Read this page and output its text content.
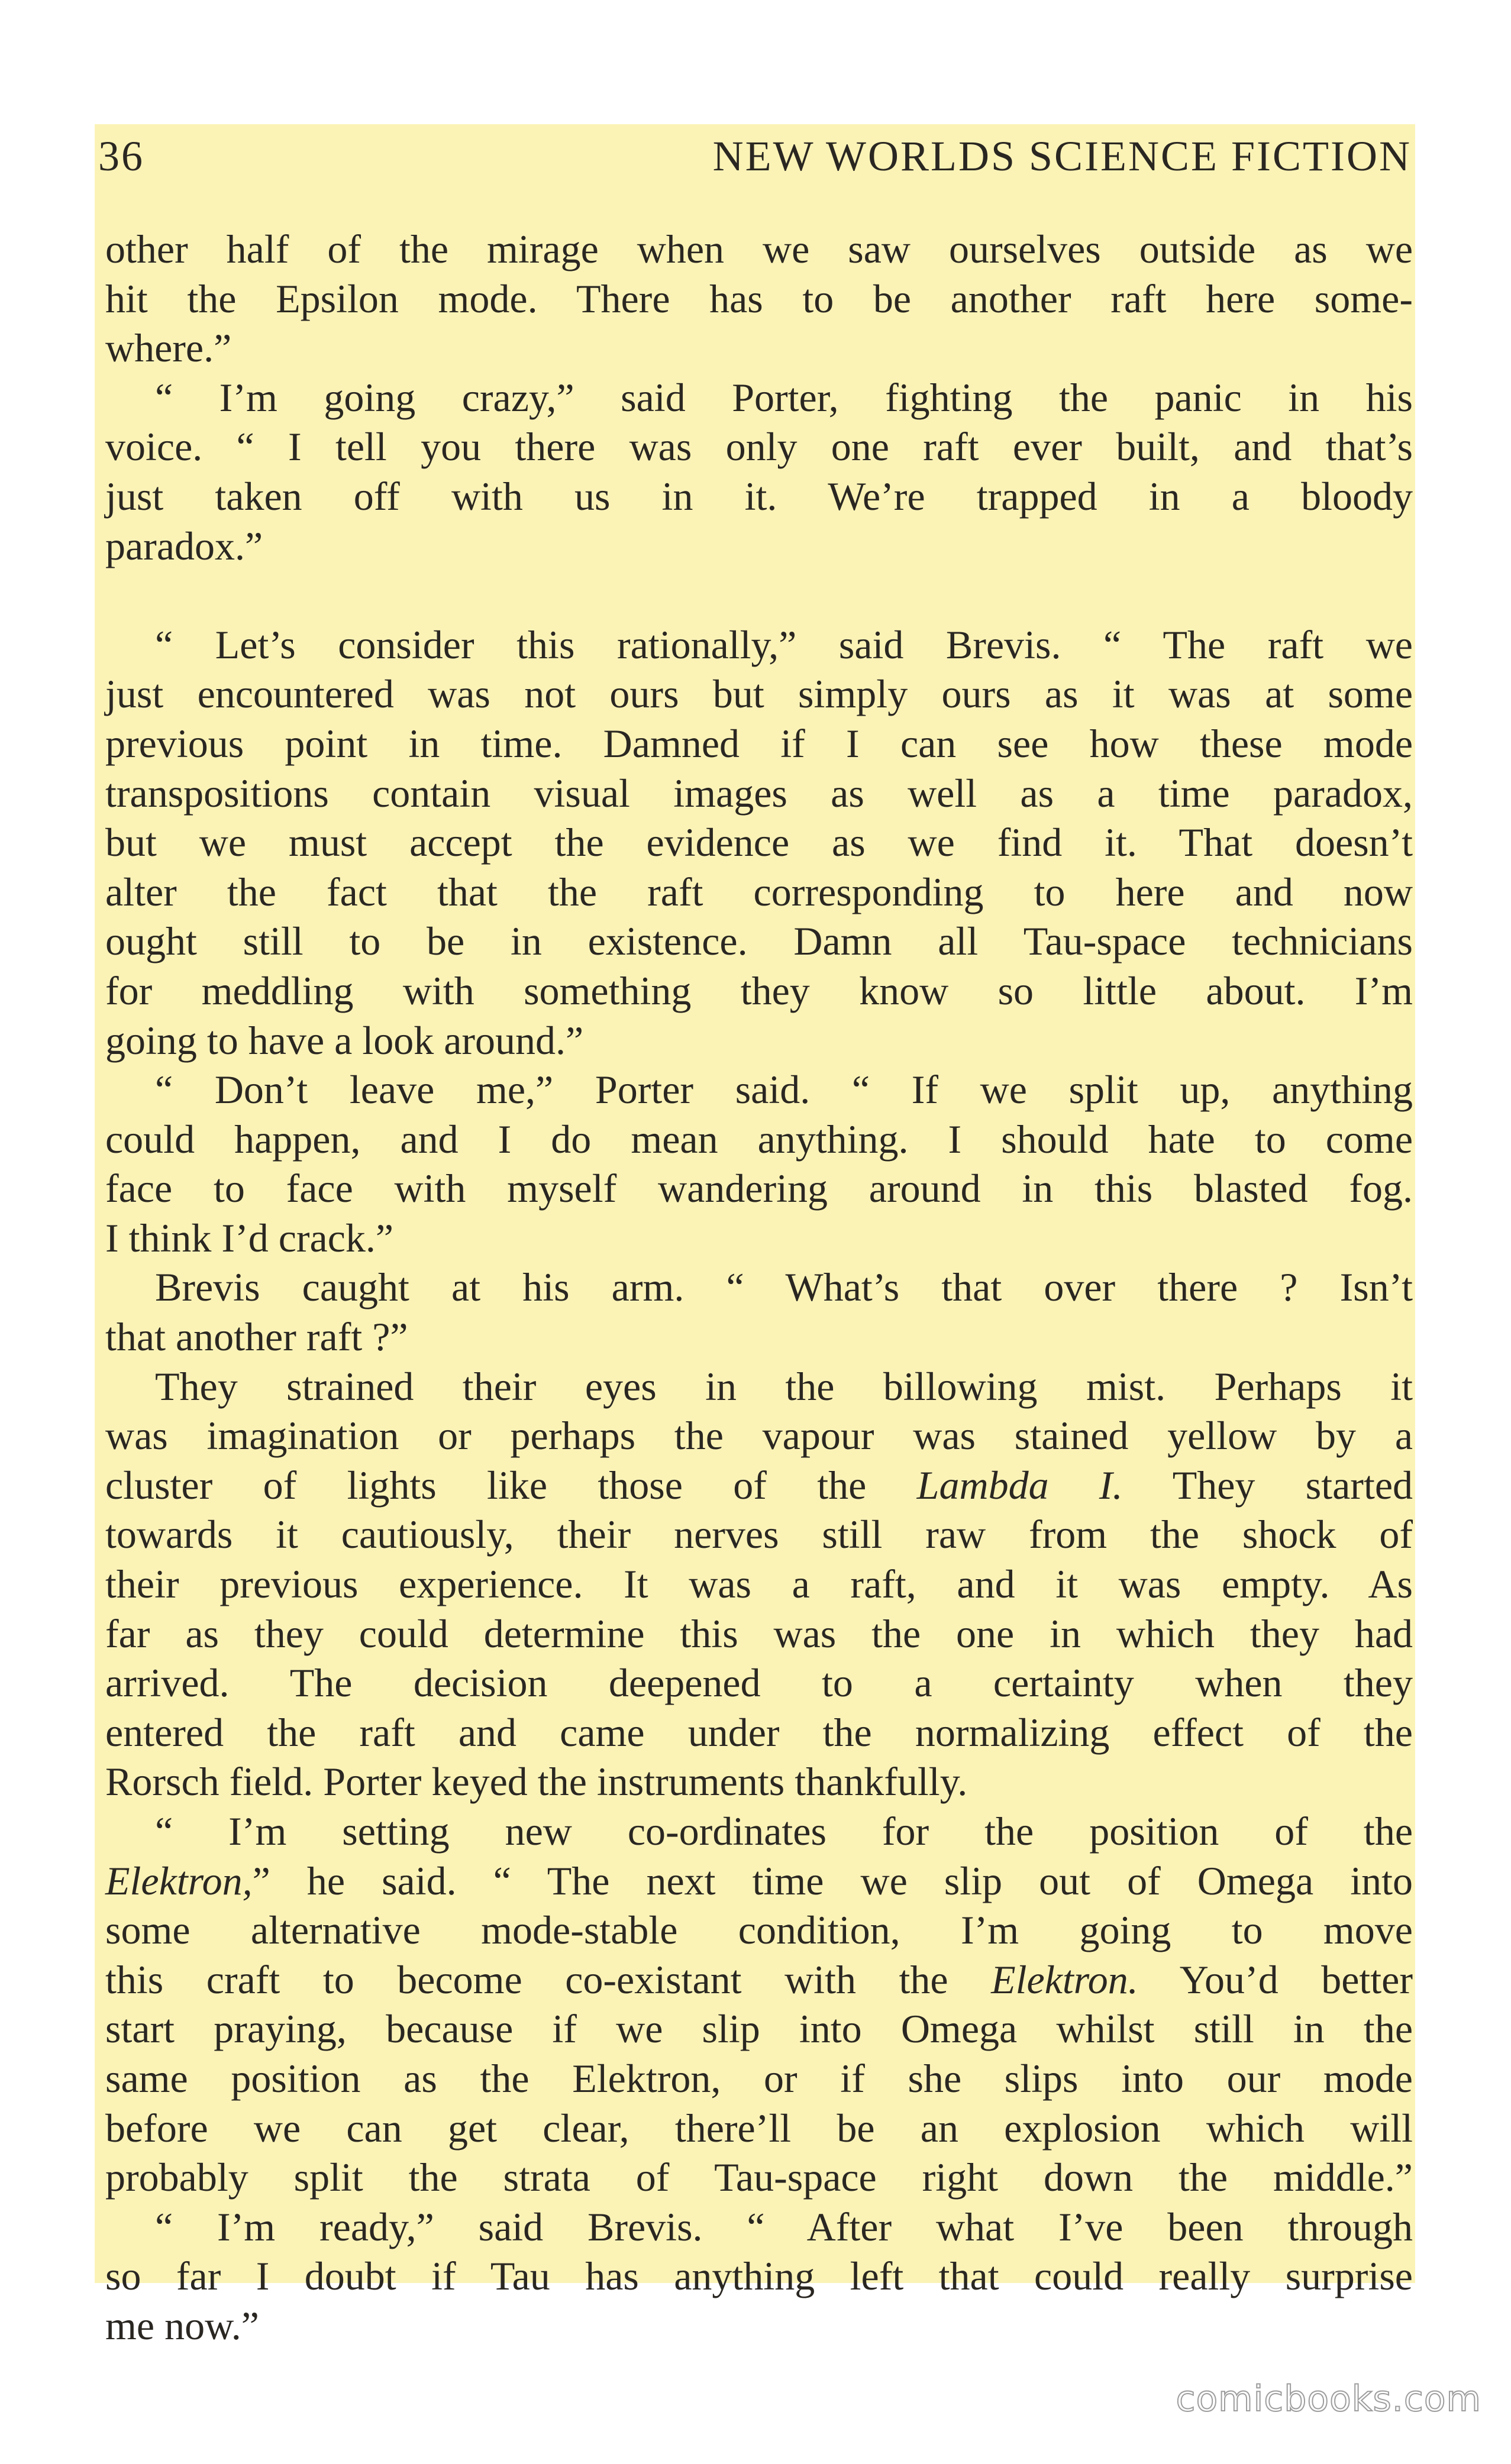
36	NEW WORLDS SCIENCE FICTION
other half of the mirage when we saw ourselves outside as we
hit the Epsilon mode. There has to be another raft here some-
where.”
“ I’m going crazy,” said Porter, fighting the panic in his
voice. “ I tell you there was only one raft ever built, and that’s
just taken off with us in it. We’re trapped in a bloody
paradox.”
“ Let’s consider this rationally,” said Brevis. “ The raft we
just encountered was not ours but simply ours as it was at some
previous point in time. Damned if I can see how these mode
transpositions contain visual images as well as a time paradox,
but we must accept the evidence as we find it. That doesn’t
alter the fact that the raft corresponding to here and now
ought still to be in existence. Damn all Tau-space technicians
for meddling with something they know so little about. I’m
going to have a look around.”
“ Don’t leave me,” Porter said. “ If we split up, anything
could happen, and I do mean anything. I should hate to come
face to face with myself wandering around in this blasted fog.
I think I’d crack.”
Brevis caught at his arm. “ What’s that over there ? Isn’t
that another raft ?”
They strained their eyes in the billowing mist. Perhaps it
was imagination or perhaps the vapour was stained yellow by a
cluster of lights like those of the Lambda I. They started
towards it cautiously, their nerves still raw from the shock of
their previous experience. It was a raft, and it was empty. As
far as they could determine this was the one in which they had
arrived. The decision deepened to a certainty when they
entered the raft and came under the normalizing effect of the
Rorsch field. Porter keyed the instruments thankfully.
“ I’m setting new co-ordinates for the position of the
Elektron,” he said. “ The next time we slip out of Omega into
some alternative mode-stable condition, I’m going to move
this craft to become co-existant with the Elektron. You’d better
start praying, because if we slip into Omega whilst still in the
same position as the Elektron, or if she slips into our mode
before we can get clear, there’ll be an explosion which will
probably split the strata of Tau-space right down the middle.”
“ I’m ready,” said Brevis. “ After what I’ve been through
so far I doubt if Tau has anything left that could really surprise
me now.”
comicbooks.com
